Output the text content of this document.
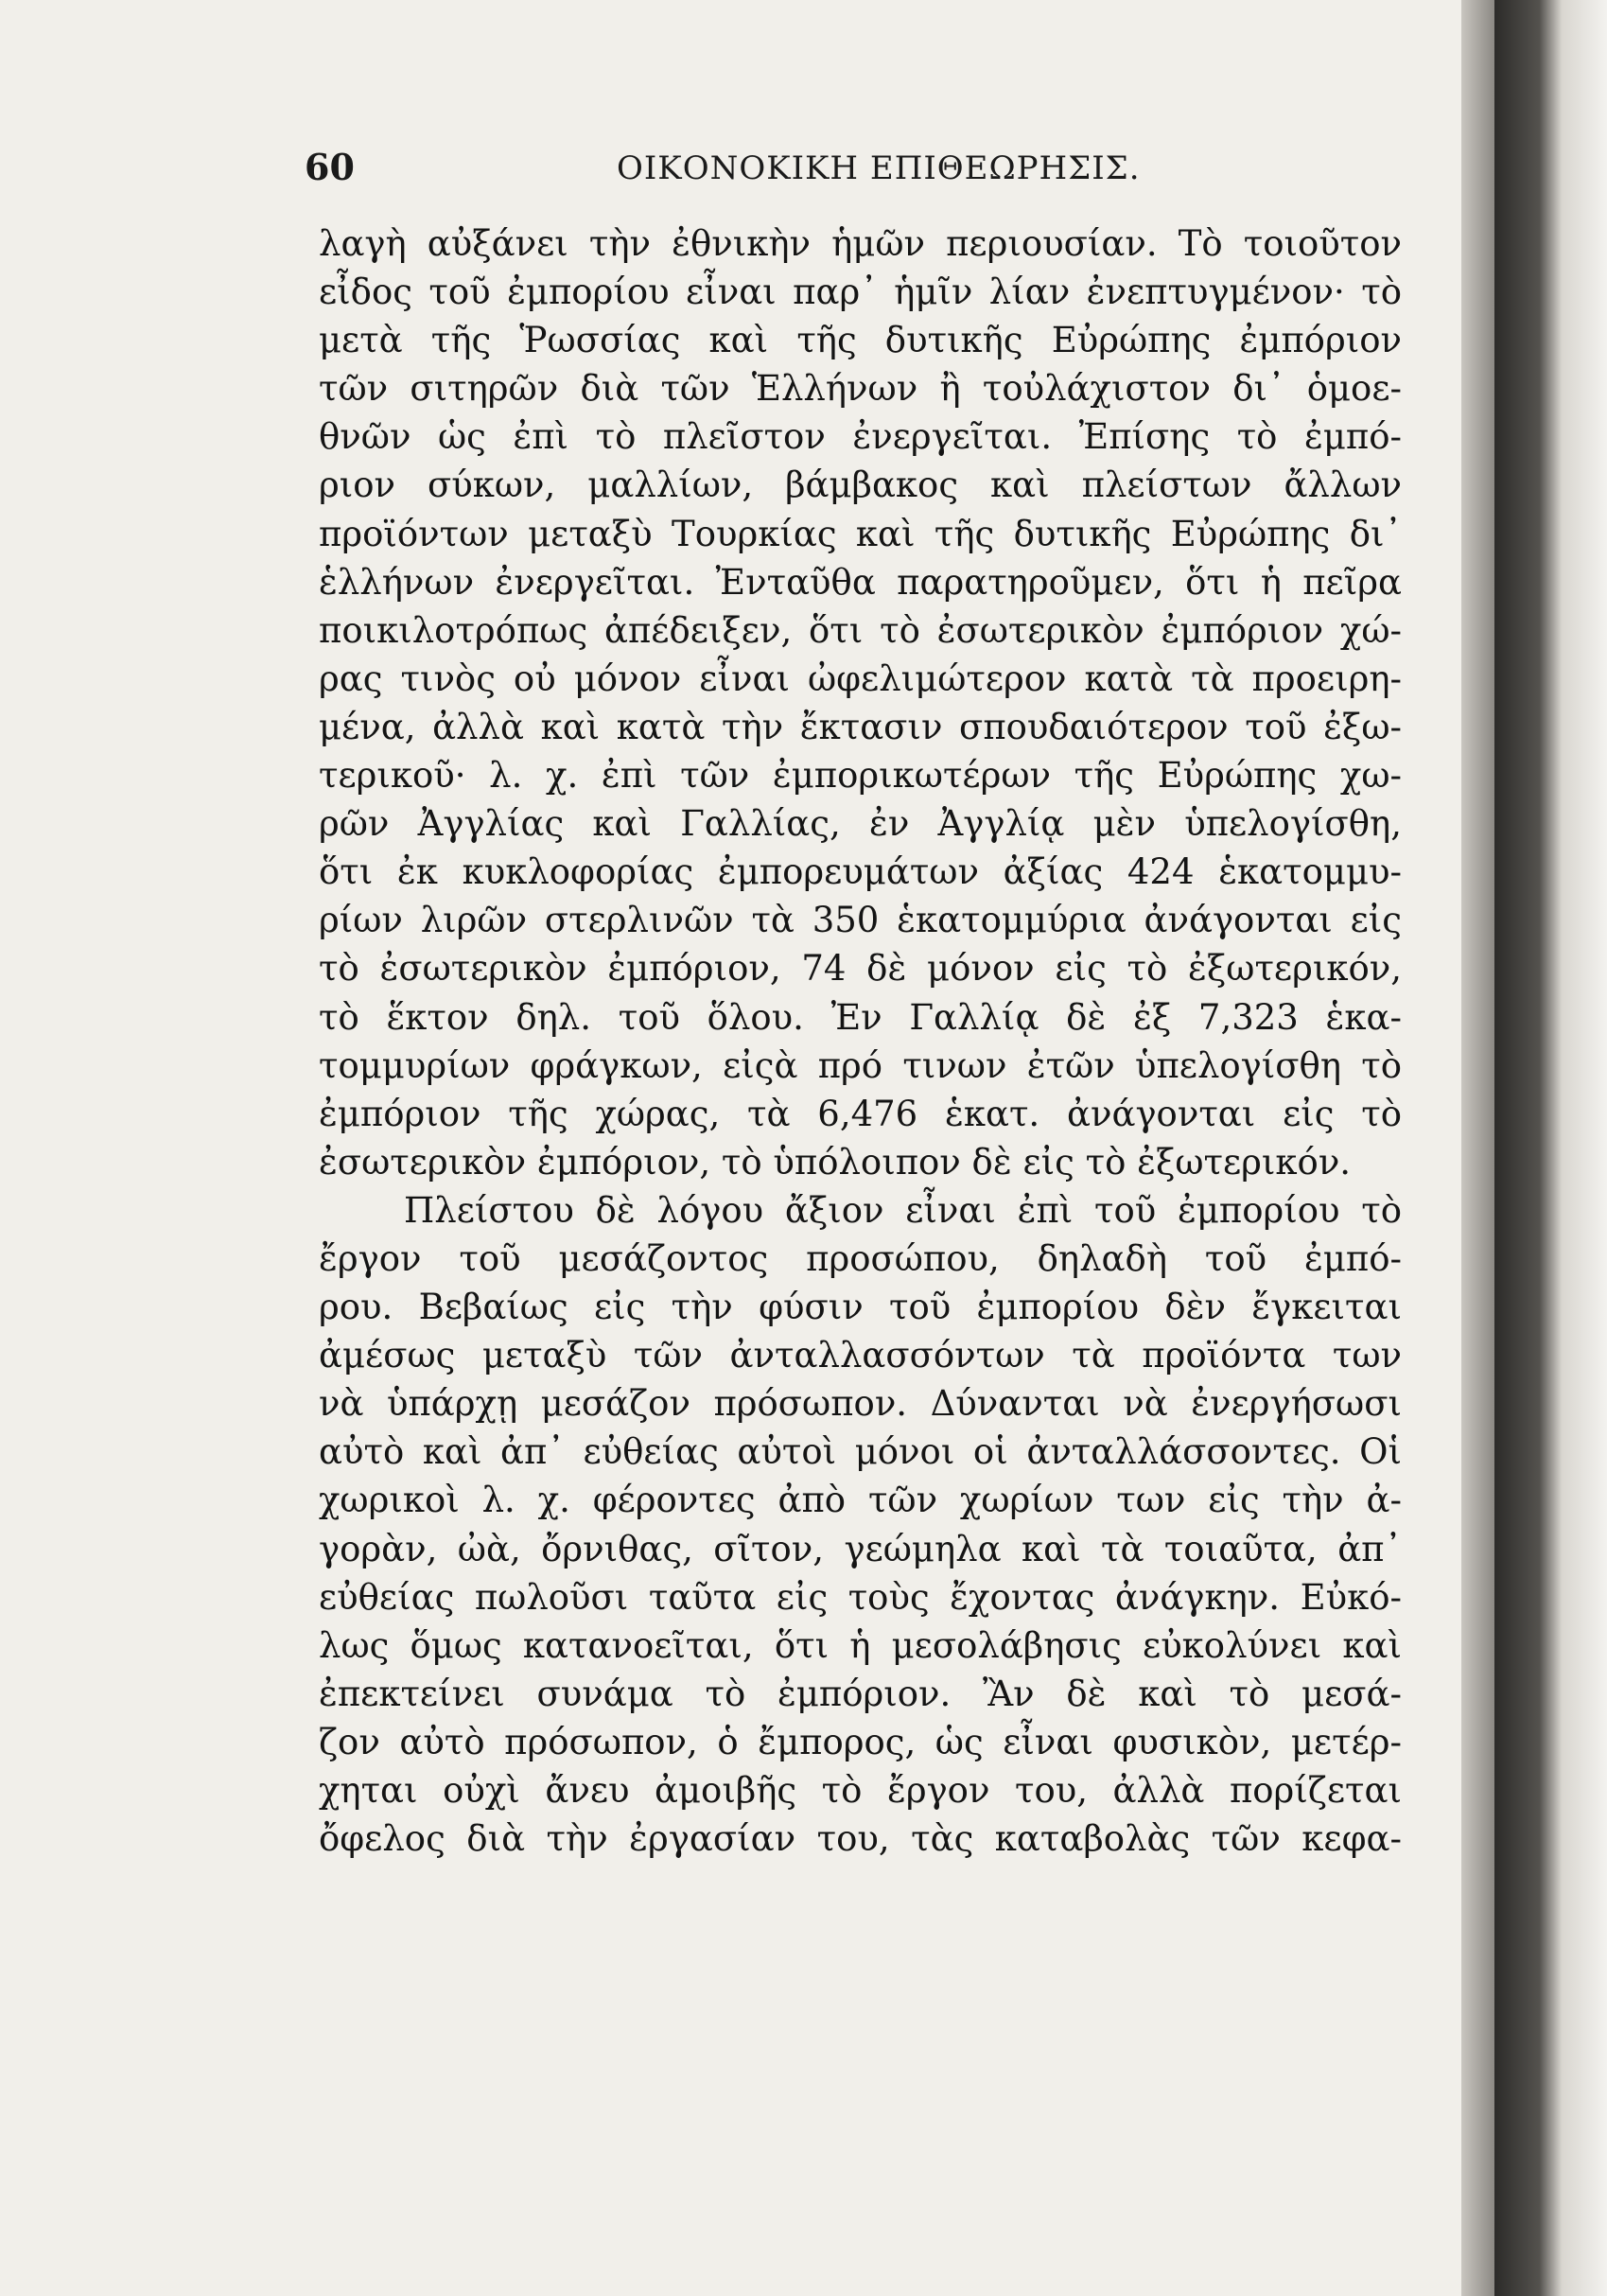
60	ΟΙΚΟΝΟΚΙΚΗ ΕΠΙΘΕΩΡΗΣΙΣ.
λαγὴ αὐξάνει τὴν ἐθνικὴν ἡμῶν περιουσίαν. Τὸ τοιοῦτον
εἶδος τοῦ ἐμπορίου εἶναι παρ᾽ ἡμῖν λίαν ἐνεπτυγμένον· τὸ
μετὰ τῆς Ῥωσσίας καὶ τῆς δυτικῆς Εὐρώπης ἐμπόριον
τῶν σιτηρῶν διὰ τῶν Ἑλλήνων ἢ τοὐλάχιστον δι᾽ ὁμοε-
θνῶν ὡς ἐπὶ τὸ πλεῖστον ἐνεργεῖται. Ἐπίσης τὸ ἐμπό-
ριον σύκων, μαλλίων, βάμβακος καὶ πλείστων ἄλλων
προϊόντων μεταξὺ Τουρκίας καὶ τῆς δυτικῆς Εὐρώπης δι᾽
ἑλλήνων ἐνεργεῖται. Ἐνταῦθα παρατηροῦμεν, ὅτι ἡ πεῖρα
ποικιλοτρόπως ἀπέδειξεν, ὅτι τὸ ἐσωτερικὸν ἐμπόριον χώ-
ρας τινὸς οὐ μόνον εἶναι ὠφελιμώτερον κατὰ τὰ προειρη-
μένα, ἀλλὰ καὶ κατὰ τὴν ἔκτασιν σπουδαιότερον τοῦ ἐξω-
τερικοῦ· λ. χ. ἐπὶ τῶν ἐμπορικωτέρων τῆς Εὐρώπης χω-
ρῶν Ἀγγλίας καὶ Γαλλίας, ἐν Ἀγγλίᾳ μὲν ὑπελογίσθη,
ὅτι ἐκ κυκλοφορίας ἐμπορευμάτων ἀξίας 424 ἑκατομμυ-
ρίων λιρῶν στερλινῶν τὰ 350 ἑκατομμύρια ἀνάγονται εἰς
τὸ ἐσωτερικὸν ἐμπόριον, 74 δὲ μόνον εἰς τὸ ἐξωτερικόν,
τὸ ἕκτον δηλ. τοῦ ὅλου. Ἐν Γαλλίᾳ δὲ ἐξ 7,323 ἑκα-
τομμυρίων φράγκων, εἰςὰ πρό τινων ἐτῶν ὑπελογίσθη τὸ
ἐμπόριον τῆς χώρας, τὰ 6,476 ἑκατ. ἀνάγονται εἰς τὸ
ἐσωτερικὸν ἐμπόριον, τὸ ὑπόλοιπον δὲ εἰς τὸ ἐξωτερικόν.
Πλείστου δὲ λόγου ἄξιον εἶναι ἐπὶ τοῦ ἐμπορίου τὸ
ἔργον τοῦ μεσάζοντος προσώπου, δηλαδὴ τοῦ ἐμπό-
ρου. Βεβαίως εἰς τὴν φύσιν τοῦ ἐμπορίου δὲν ἔγκειται
ἀμέσως μεταξὺ τῶν ἀνταλλασσόντων τὰ προϊόντα των
νὰ ὑπάρχῃ μεσάζον πρόσωπον. Δύνανται νὰ ἐνεργήσωσι
αὐτὸ καὶ ἀπ᾽ εὐθείας αὐτοὶ μόνοι οἱ ἀνταλλάσσοντες. Οἱ
χωρικοὶ λ. χ. φέροντες ἀπὸ τῶν χωρίων των εἰς τὴν ἀ-
γορὰν, ὠὰ, ὄρνιθας, σῖτον, γεώμηλα καὶ τὰ τοιαῦτα, ἀπ᾽
εὐθείας πωλοῦσι ταῦτα εἰς τοὺς ἔχοντας ἀνάγκην. Εὐκό-
λως ὅμως κατανοεῖται, ὅτι ἡ μεσολάβησις εὐκολύνει καὶ
ἐπεκτείνει συνάμα τὸ ἐμπόριον. Ἂν δὲ καὶ τὸ μεσά-
ζον αὐτὸ πρόσωπον, ὁ ἔμπορος, ὡς εἶναι φυσικὸν, μετέρ-
χηται οὐχὶ ἄνευ ἀμοιβῆς τὸ ἔργον του, ἀλλὰ πορίζεται
ὄφελος διὰ τὴν ἐργασίαν του, τὰς καταβολὰς τῶν κεφα-
